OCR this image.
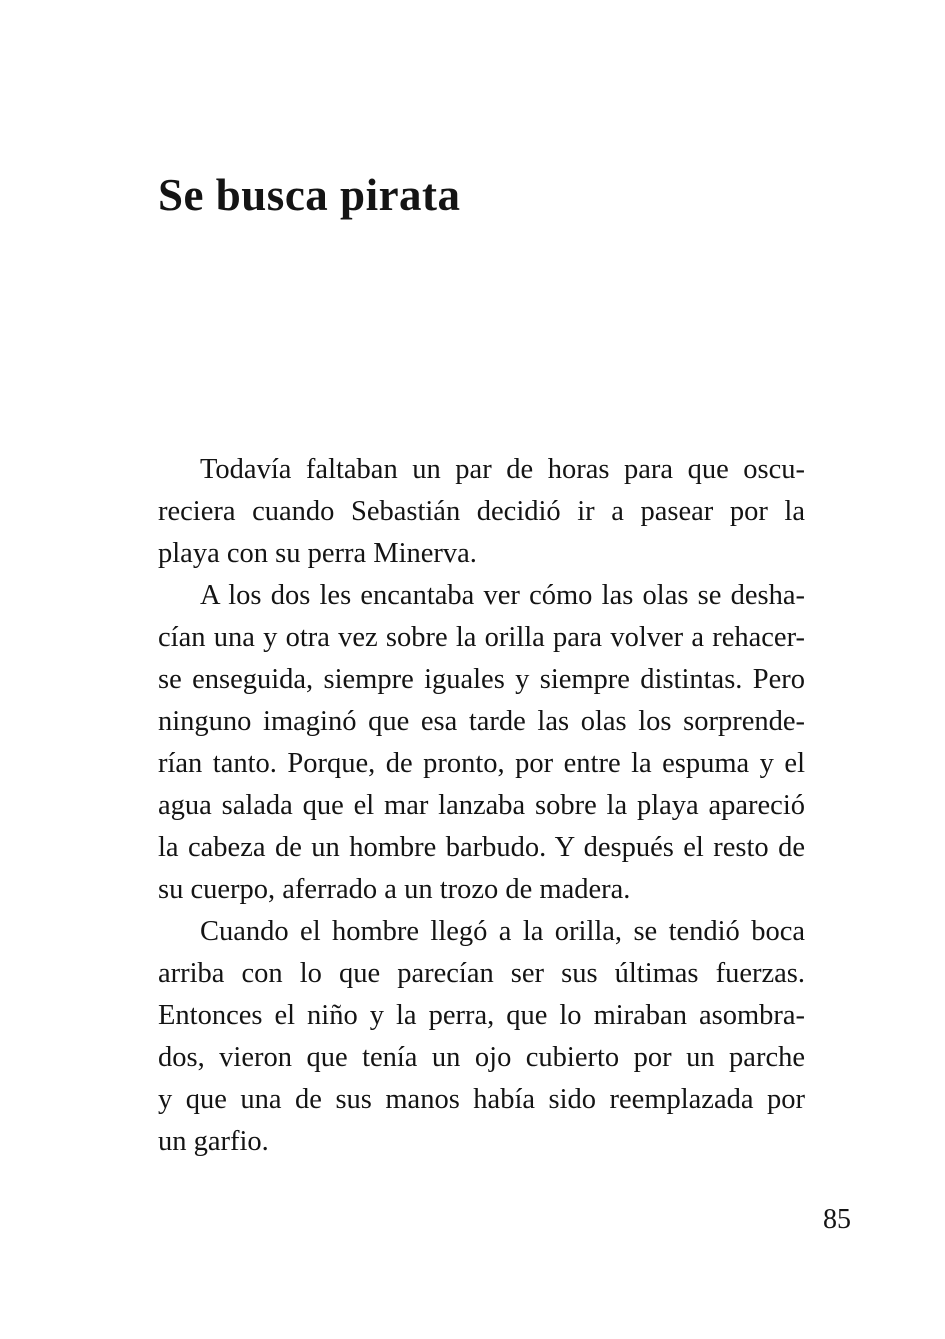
Se busca pirata

Todavía faltaban un par de horas para que oscu-
reciera cuando Sebastián decidió ir a pasear por la
playa con su perra Minerva.

A los dos les encantaba ver cómo las olas se desha-
cían una y otra vez sobre la orilla para volver a rehacer-
se enseguida, siempre iguales y siempre distintas. Pero
ninguno imaginó que esa tarde las olas los sorprende-
rían tanto. Porque, de pronto, por entre la espuma y el
agua salada que el mar lanzaba sobre la playa apareció
la cabeza de un hombre barbudo. Y después el resto de
su cuerpo, aferrado a un trozo de madera.

Cuando el hombre llegó a la orilla, se tendió boca
arriba con lo que parecían ser sus últimas fuerzas.
Entonces el niño y la perra, que lo miraban asombra-
dos, vieron que tenía un ojo cubierto por un parche
y que una de sus manos había sido reemplazada por
un garfio.

85
